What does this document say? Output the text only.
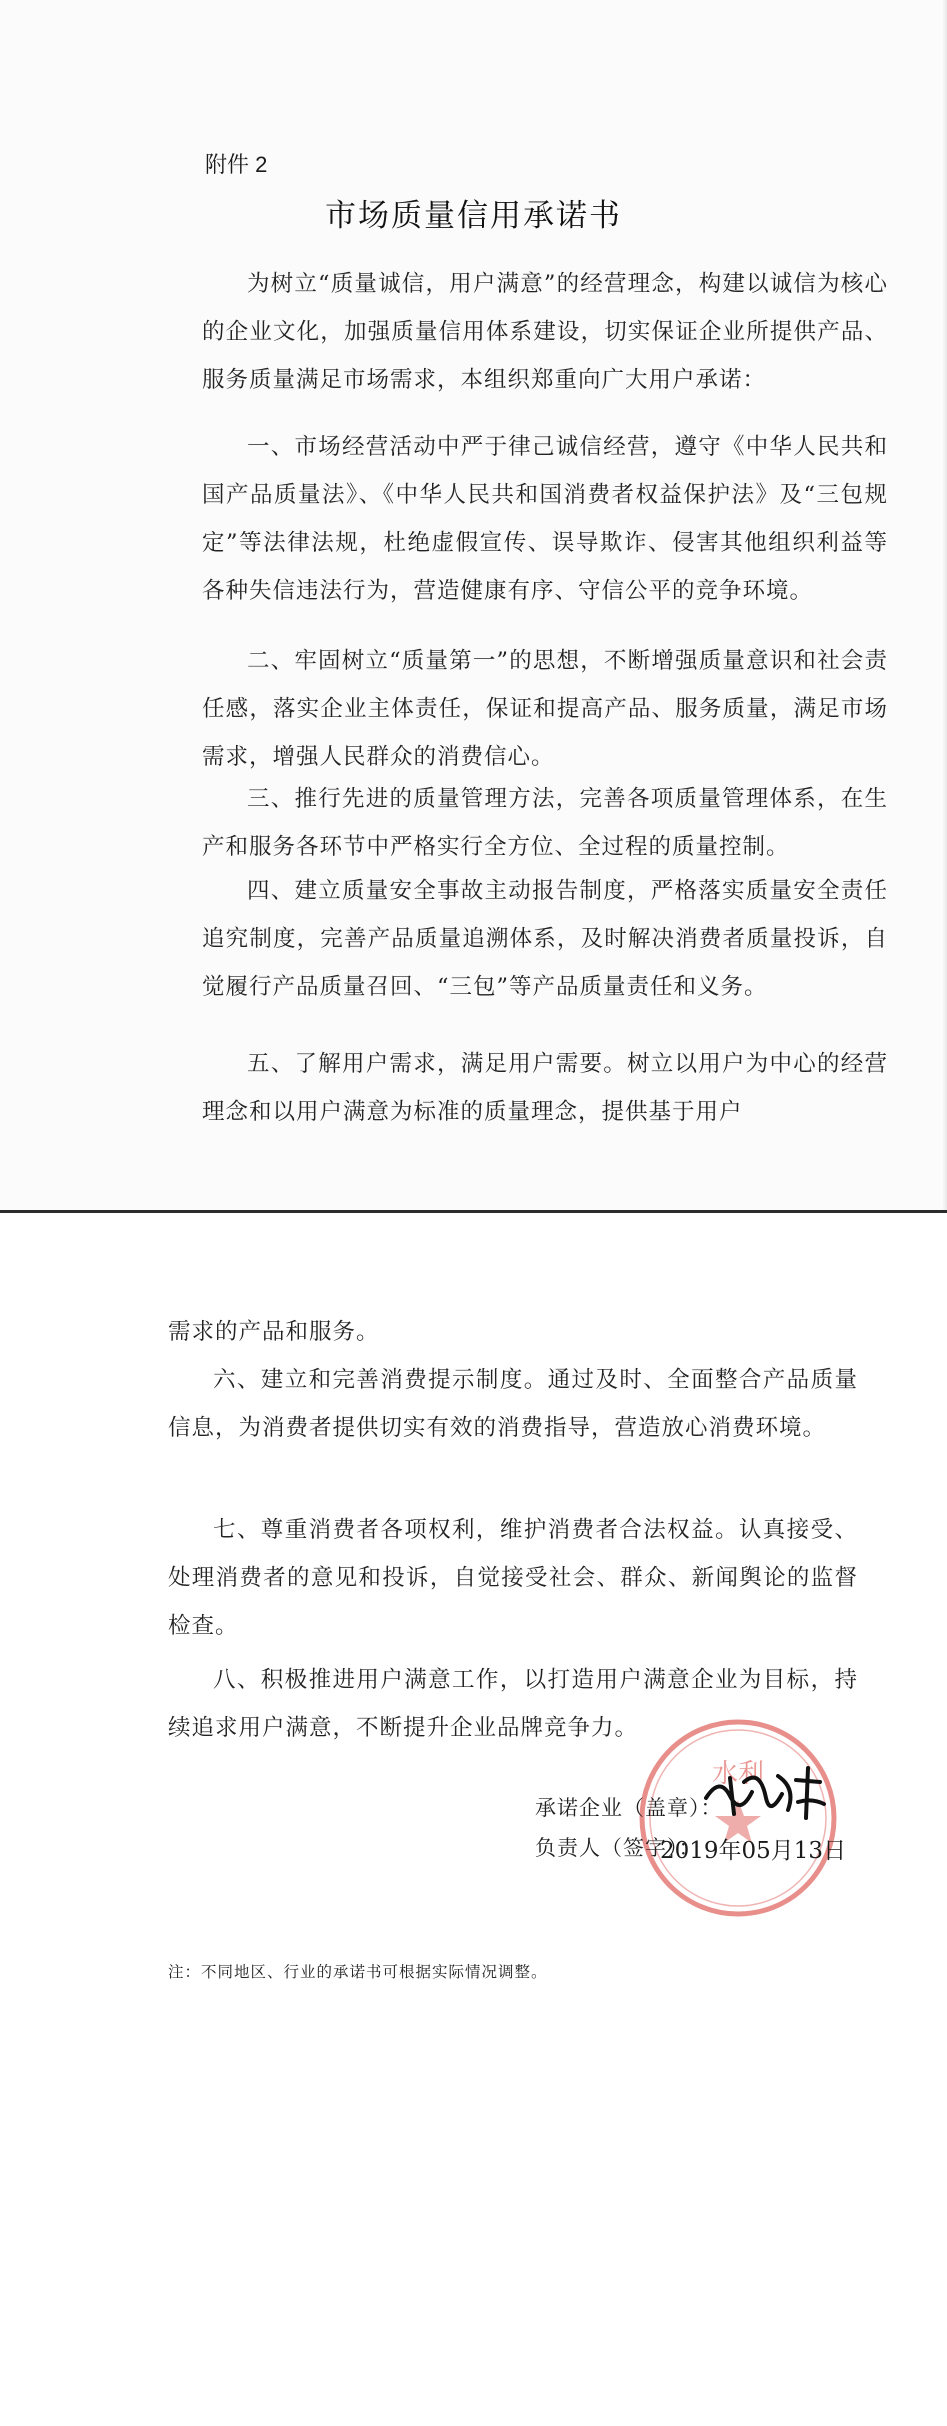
附件 2
市场质量信用承诺书
为树立“质量诚信，用户满意”的经营理念，构建以诚信为核心的企业文化，加强质量信用体系建设，切实保证企业所提供产品、服务质量满足市场需求，本组织郑重向广大用户承诺：
一、市场经营活动中严于律己诚信经营，遵守《中华人民共和国产品质量法》、《中华人民共和国消费者权益保护法》及“三包规定”等法律法规，杜绝虚假宣传、误导欺诈、侵害其他组织利益等各种失信违法行为，营造健康有序、守信公平的竞争环境。
二、牢固树立“质量第一”的思想，不断增强质量意识和社会责任感，落实企业主体责任，保证和提高产品、服务质量，满足市场需求，增强人民群众的消费信心。
三、推行先进的质量管理方法，完善各项质量管理体系，在生产和服务各环节中严格实行全方位、全过程的质量控制。
四、建立质量安全事故主动报告制度，严格落实质量安全责任追究制度，完善产品质量追溯体系，及时解决消费者质量投诉，自觉履行产品质量召回、“三包”等产品质量责任和义务。
五、了解用户需求，满足用户需要。树立以用户为中心的经营理念和以用户满意为标准的质量理念，提供基于用户
需求的产品和服务。
六、建立和完善消费提示制度。通过及时、全面整合产品质量信息，为消费者提供切实有效的消费指导，营造放心消费环境。
七、尊重消费者各项权利，维护消费者合法权益。认真接受、处理消费者的意见和投诉，自觉接受社会、群众、新闻舆论的监督检查。
八、积极推进用户满意工作，以打造用户满意企业为目标，持续追求用户满意，不断提升企业品牌竞争力。
水利
承诺企业（盖章）：
负责人（签字）：
2019年05月13日
注：不同地区、行业的承诺书可根据实际情况调整。
